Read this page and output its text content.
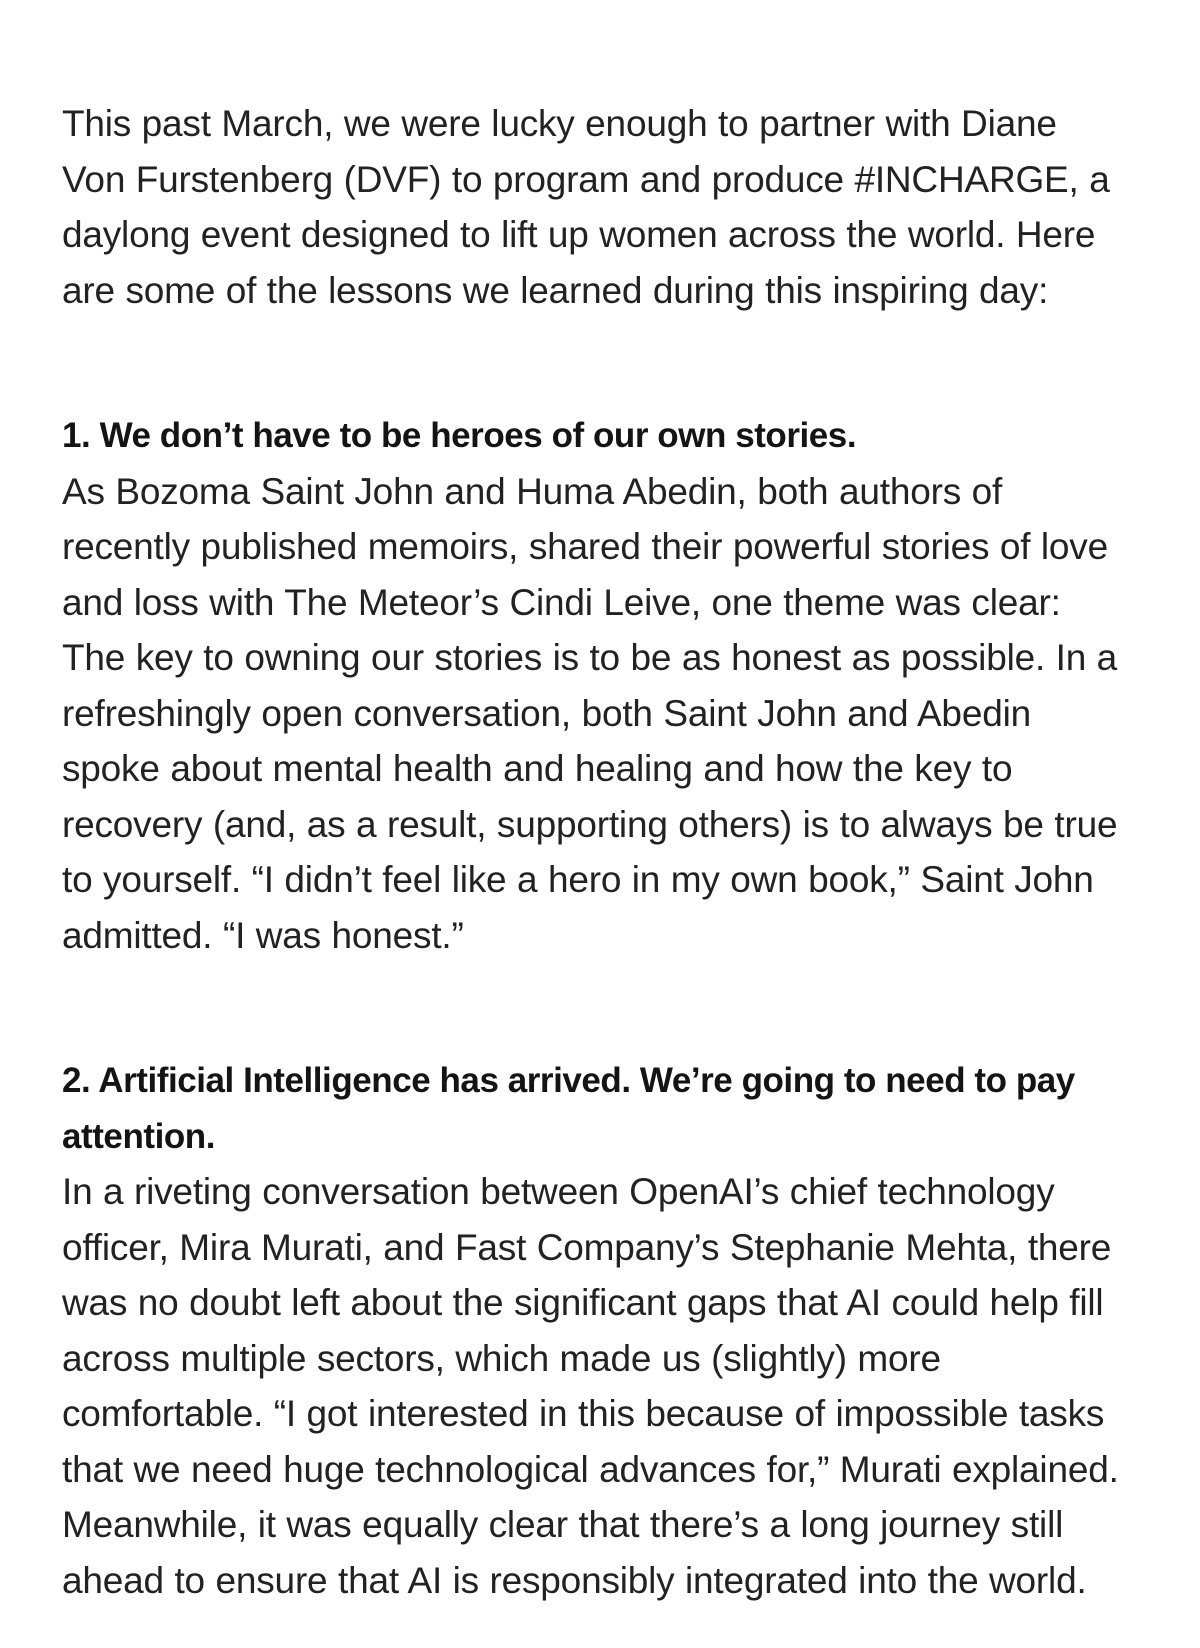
This past March, we were lucky enough to partner with Diane Von Furstenberg (DVF) to program and produce #INCHARGE, a daylong event designed to lift up women across the world. Here are some of the lessons we learned during this inspiring day:

1. We don’t have to be heroes of our own stories.

As Bozoma Saint John and Huma Abedin, both authors of recently published memoirs, shared their powerful stories of love and loss with The Meteor’s Cindi Leive, one theme was clear: The key to owning our stories is to be as honest as possible. In a refreshingly open conversation, both Saint John and Abedin spoke about mental health and healing and how the key to recovery (and, as a result, supporting others) is to always be true to yourself. “I didn’t feel like a hero in my own book,” Saint John admitted. “I was honest.”

2. Artificial Intelligence has arrived. We’re going to need to pay attention.

In a riveting conversation between OpenAI’s chief technology officer, Mira Murati, and Fast Company’s Stephanie Mehta, there was no doubt left about the significant gaps that AI could help fill across multiple sectors, which made us (slightly) more comfortable. “I got interested in this because of impossible tasks that we need huge technological advances for,” Murati explained. Meanwhile, it was equally clear that there’s a long journey still ahead to ensure that AI is responsibly integrated into the world.
